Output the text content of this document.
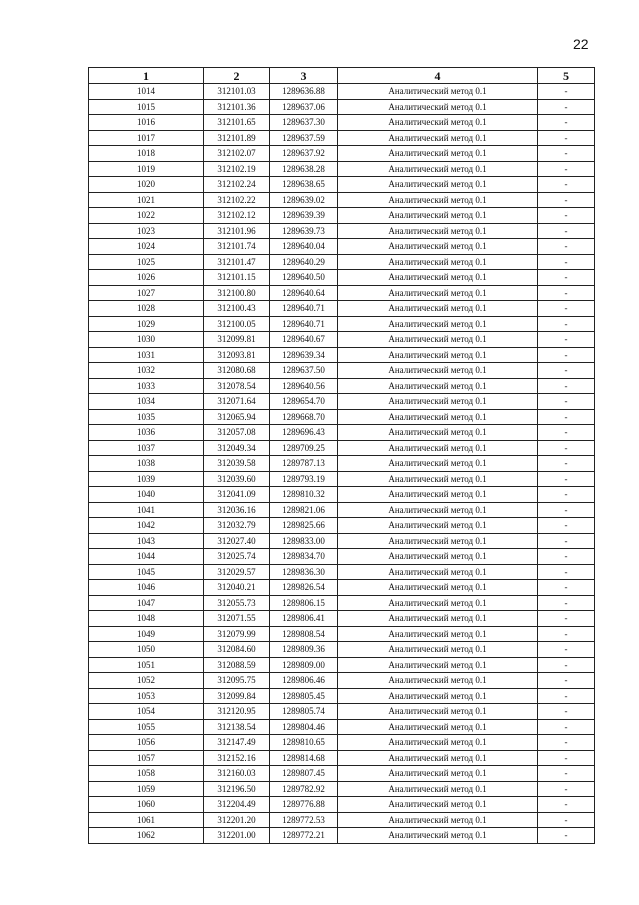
22
1	2	3	4	5
1014	312101.03	1289636.88	Аналитический метод 0.1	-
1015	312101.36	1289637.06	Аналитический метод 0.1	-
1016	312101.65	1289637.30	Аналитический метод 0.1	-
1017	312101.89	1289637.59	Аналитический метод 0.1	-
1018	312102.07	1289637.92	Аналитический метод 0.1	-
1019	312102.19	1289638.28	Аналитический метод 0.1	-
1020	312102.24	1289638.65	Аналитический метод 0.1	-
1021	312102.22	1289639.02	Аналитический метод 0.1	-
1022	312102.12	1289639.39	Аналитический метод 0.1	-
1023	312101.96	1289639.73	Аналитический метод 0.1	-
1024	312101.74	1289640.04	Аналитический метод 0.1	-
1025	312101.47	1289640.29	Аналитический метод 0.1	-
1026	312101.15	1289640.50	Аналитический метод 0.1	-
1027	312100.80	1289640.64	Аналитический метод 0.1	-
1028	312100.43	1289640.71	Аналитический метод 0.1	-
1029	312100.05	1289640.71	Аналитический метод 0.1	-
1030	312099.81	1289640.67	Аналитический метод 0.1	-
1031	312093.81	1289639.34	Аналитический метод 0.1	-
1032	312080.68	1289637.50	Аналитический метод 0.1	-
1033	312078.54	1289640.56	Аналитический метод 0.1	-
1034	312071.64	1289654.70	Аналитический метод 0.1	-
1035	312065.94	1289668.70	Аналитический метод 0.1	-
1036	312057.08	1289696.43	Аналитический метод 0.1	-
1037	312049.34	1289709.25	Аналитический метод 0.1	-
1038	312039.58	1289787.13	Аналитический метод 0.1	-
1039	312039.60	1289793.19	Аналитический метод 0.1	-
1040	312041.09	1289810.32	Аналитический метод 0.1	-
1041	312036.16	1289821.06	Аналитический метод 0.1	-
1042	312032.79	1289825.66	Аналитический метод 0.1	-
1043	312027.40	1289833.00	Аналитический метод 0.1	-
1044	312025.74	1289834.70	Аналитический метод 0.1	-
1045	312029.57	1289836.30	Аналитический метод 0.1	-
1046	312040.21	1289826.54	Аналитический метод 0.1	-
1047	312055.73	1289806.15	Аналитический метод 0.1	-
1048	312071.55	1289806.41	Аналитический метод 0.1	-
1049	312079.99	1289808.54	Аналитический метод 0.1	-
1050	312084.60	1289809.36	Аналитический метод 0.1	-
1051	312088.59	1289809.00	Аналитический метод 0.1	-
1052	312095.75	1289806.46	Аналитический метод 0.1	-
1053	312099.84	1289805.45	Аналитический метод 0.1	-
1054	312120.95	1289805.74	Аналитический метод 0.1	-
1055	312138.54	1289804.46	Аналитический метод 0.1	-
1056	312147.49	1289810.65	Аналитический метод 0.1	-
1057	312152.16	1289814.68	Аналитический метод 0.1	-
1058	312160.03	1289807.45	Аналитический метод 0.1	-
1059	312196.50	1289782.92	Аналитический метод 0.1	-
1060	312204.49	1289776.88	Аналитический метод 0.1	-
1061	312201.20	1289772.53	Аналитический метод 0.1	-
1062	312201.00	1289772.21	Аналитический метод 0.1	-
